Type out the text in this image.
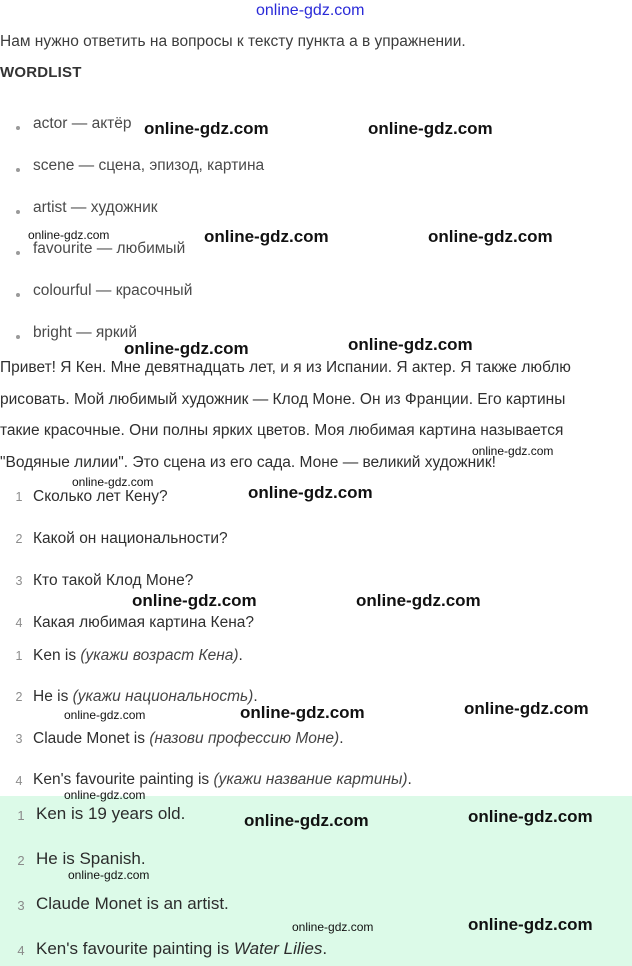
online-gdz.com
Нам нужно ответить на вопросы к тексту пункта а в упражнении.
WORDLIST
actor — актёр
scene — сцена, эпизод, картина
artist — художник
favourite — любимый
colourful — красочный
bright — яркий
Привет! Я Кен. Мне девятнадцать лет, и я из Испании. Я актер. Я также люблю
рисовать. Мой любимый художник — Клод Моне. Он из Франции. Его картины
такие красочные. Они полны ярких цветов. Моя любимая картина называется
"Водяные лилии". Это сцена из его сада. Моне — великий художник!
1 Сколько лет Кену?
2 Какой он национальности?
3 Кто такой Клод Моне?
4 Какая любимая картина Кена?
1 Ken is (укажи возраст Кена).
2 He is (укажи национальность).
3 Claude Monet is (назови профессию Моне).
4 Ken's favourite painting is (укажи название картины).
1 Ken is 19 years old.
2 He is Spanish.
3 Claude Monet is an artist.
4 Ken's favourite painting is Water Lilies.
online-gdz.com	online-gdz.com
online-gdz.com	online-gdz.com	online-gdz.com
online-gdz.com
online-gdz.com
online-gdz.com
online-gdz.com
online-gdz.com
online-gdz.com	online-gdz.com
online-gdz.com	online-gdz.com	online-gdz.com
online-gdz.com
online-gdz.com	online-gdz.com
online-gdz.com
online-gdz.com	online-gdz.com
